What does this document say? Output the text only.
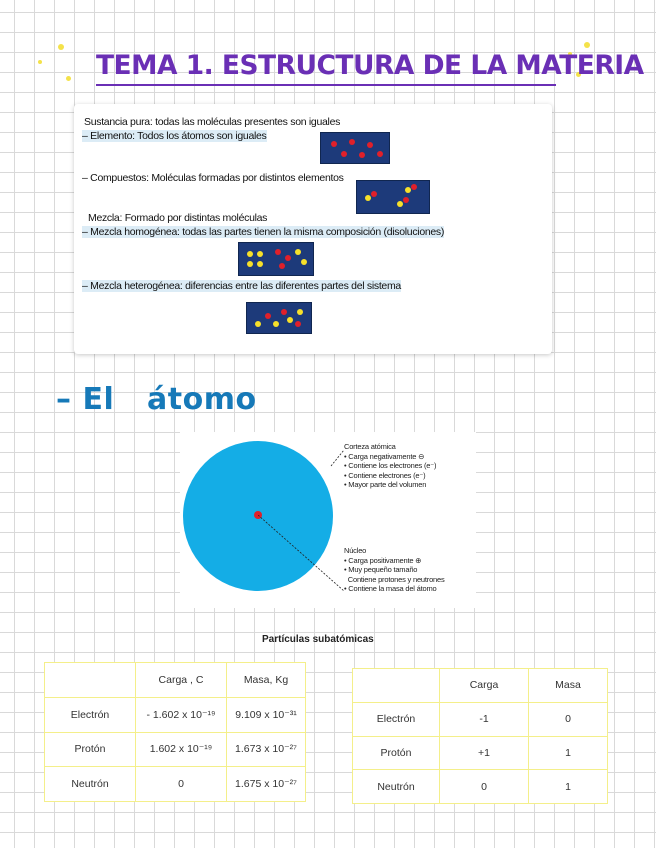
TEMA 1. ESTRUCTURA DE LA MATERIA
Sustancia pura: todas las moléculas presentes son iguales
– Elemento: Todos los átomos son iguales
– Compuestos: Moléculas formadas por distintos elementos
Mezcla: Formado por distintas moléculas
– Mezcla homogénea: todas las partes tienen la misma composición (disoluciones)
– Mezcla heterogénea: diferencias entre las diferentes partes del sistema
– El   átomo
Corteza atómica
• Carga negativamente ⊖
• Contiene los electrones (e⁻)
• Contiene electrones (e⁻)
• Mayor parte del volumen
Núcleo
• Carga positivamente ⊕
• Muy pequeño tamaño
Contiene protones y neutrones
• Contiene la masa del átomo
Partículas subatómicas
	Carga , C	Masa, Kg
Electrón	- 1.602 x 10⁻¹⁹	9.109 x 10⁻³¹
Protón	1.602 x 10⁻¹⁹	1.673 x 10⁻²⁷
Neutrón	0	1.675 x 10⁻²⁷
	Carga	Masa
Electrón	-1	0
Protón	+1	1
Neutrón	0	1
